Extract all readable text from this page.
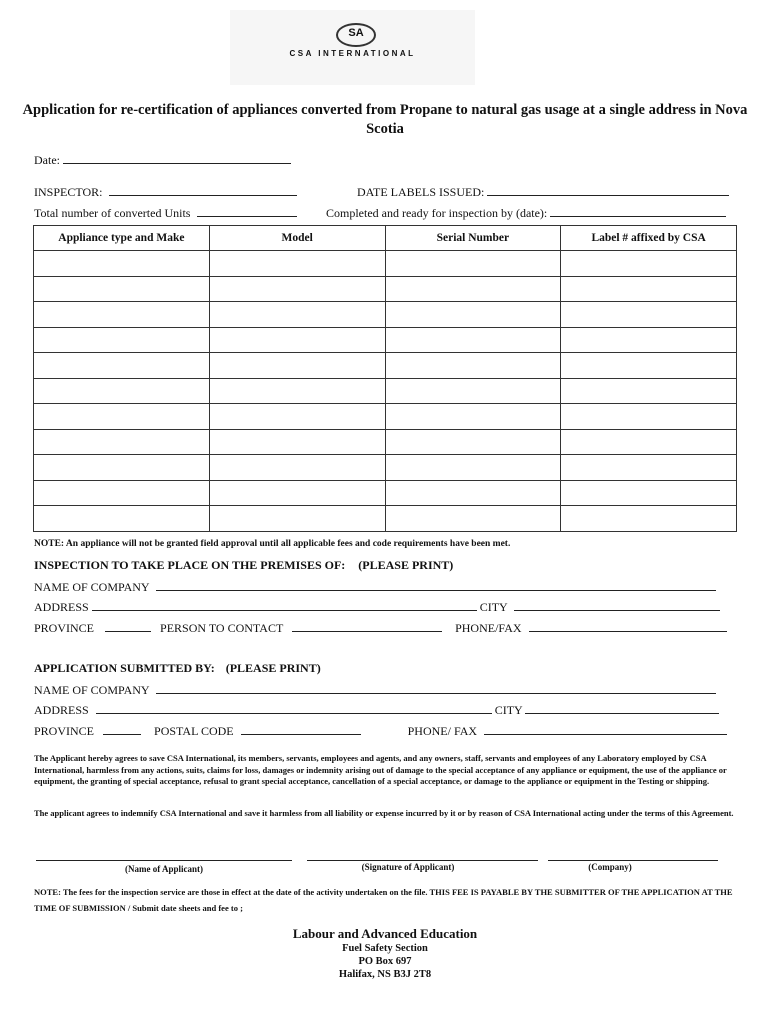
SA
CSA INTERNATIONAL
Application for re-certification of appliances converted from Propane to natural gas usage at a single address in Nova Scotia
Date:
INSPECTOR:	DATE LABELS ISSUED:
Total number of converted Units	Completed and ready for inspection by (date):
Appliance type and Make	Model	Serial Number	Label # affixed by CSA

NOTE: An appliance will not be granted field approval until all applicable fees and code requirements have been met.
INSPECTION TO TAKE PLACE ON THE PREMISES OF: (PLEASE PRINT)
NAME OF COMPANY
ADDRESS	CITY
PROVINCE	PERSON TO CONTACT	PHONE/FAX
APPLICATION SUBMITTED BY: (PLEASE PRINT)
NAME OF COMPANY
ADDRESS	CITY
PROVINCE	POSTAL CODE	PHONE/ FAX
The Applicant hereby agrees to save CSA International, its members, servants, employees and agents, and any owners, staff, servants and employees of any Laboratory employed by CSA International, harmless from any actions, suits, claims for loss, damages or indemnity arising out of damage to the special acceptance of any appliance or equipment, the use of the appliance or equipment, the granting of special acceptance, refusal to grant special acceptance, cancellation of a special acceptance, or damage to the appliance or equipment in the Testing or shipping.
The applicant agrees to indemnify CSA International and save it harmless from all liability or expense incurred by it or by reason of CSA International acting under the terms of this Agreement.
(Name of Applicant)	(Signature of Applicant)	(Company)
NOTE: The fees for the inspection service are those in effect at the date of the activity undertaken on the file. THIS FEE IS PAYABLE BY THE SUBMITTER OF THE APPLICATION AT THE TIME OF SUBMISSION / Submit date sheets and fee to ;
Labour and Advanced Education
Fuel Safety Section
PO Box 697
Halifax, NS B3J 2T8
